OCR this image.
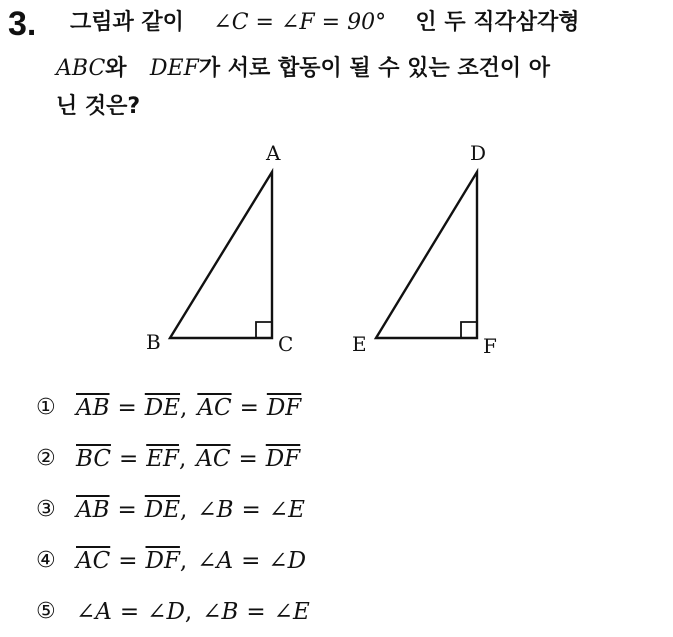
3. 그림과 같이 ∠C = ∠F = 90° 인 두 직각삼각형
ABC와 DEF가 서로 합동이 될 수 있는 조건이 아
닌 것은?
A
B	C
D
E	F
① $\overline{AB} = \overline{DE}$ , $\overline{AC} = \overline{DF}$
② $\overline{BC} = \overline{EF}$ , $\overline{AC} = \overline{DF}$
③ $\overline{AB} = \overline{DE}$ , ∠B = ∠E
④ $\overline{AC} = \overline{DF}$ , ∠A = ∠D
⑤ ∠A = ∠D , ∠B = ∠E
